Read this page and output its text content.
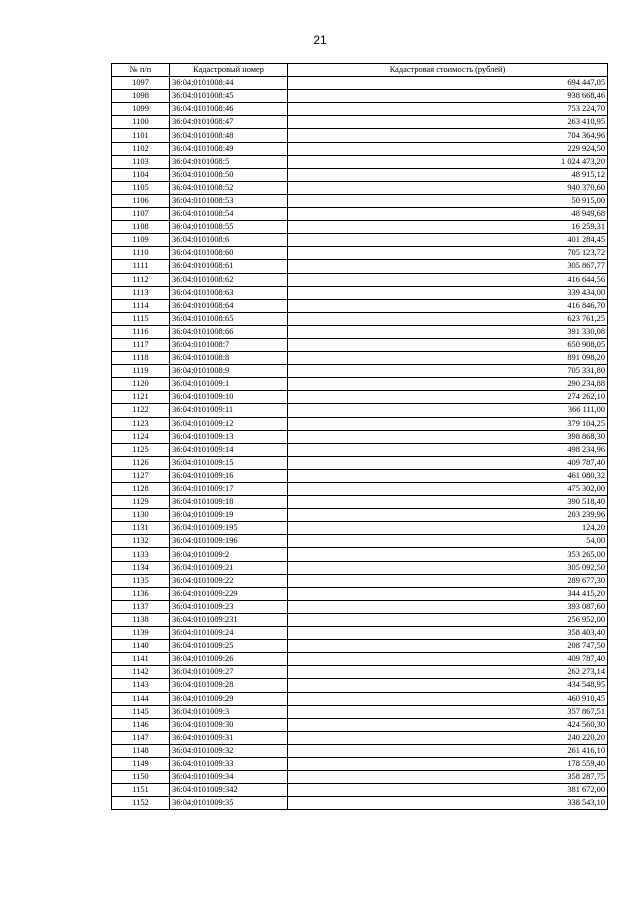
21
№ п/п	Кадастровый номер	Кадастровая стоимость (рублей)
1097	36:04:0101008:44	694 447,05
1098	36:04:0101008:45	938 668,46
1099	36:04:0101008:46	753 224,70
1100	36:04:0101008:47	263 410,95
1101	36:04:0101008:48	704 364,96
1102	36:04:0101008:49	229 924,50
1103	36:04:0101008:5	1 024 473,20
1104	36:04:0101008:50	48 915,12
1105	36:04:0101008:52	940 370,60
1106	36:04:0101008:53	50 915,00
1107	36:04:0101008:54	48 949,68
1108	36:04:0101008:55	16 259,31
1109	36:04:0101008:6	401 284,45
1110	36:04:0101008:60	705 123,72
1111	36:04:0101008:61	305 867,77
1112	36:04:0101008:62	416 644,56
1113	36:04:0101008:63	339 434,00
1114	36:04:0101008:64	416 846,70
1115	36:04:0101008:65	623 761,25
1116	36:04:0101008:66	391 330,08
1117	36:04:0101008:7	650 908,05
1118	36:04:0101008:8	891 098,20
1119	36:04:0101008:9	705 331,80
1120	36:04:0101009:1	290 234,88
1121	36:04:0101009:10	274 262,10
1122	36:04:0101009:11	366 111,00
1123	36:04:0101009:12	379 104,25
1124	36:04:0101009:13	398 868,30
1125	36:04:0101009:14	498 234,96
1126	36:04:0101009:15	409 787,40
1127	36:04:0101009:16	461 080,32
1128	36:04:0101009:17	475 302,00
1129	36:04:0101009:18	390 518,40
1130	36:04:0101009:19	203 239,96
1131	36:04:0101009:195	124,20
1132	36:04:0101009:196	54,00
1133	36:04:0101009:2	353 265,00
1134	36:04:0101009:21	305 092,50
1135	36:04:0101009:22	289 677,30
1136	36:04:0101009:229	344 415,20
1137	36:04:0101009:23	393 087,60
1138	36:04:0101009:231	256 952,00
1139	36:04:0101009:24	358 403,40
1140	36:04:0101009:25	208 747,50
1141	36:04:0101009:26	409 787,40
1142	36:04:0101009:27	262 273,14
1143	36:04:0101009:28	434 548,95
1144	36:04:0101009:29	460 910,45
1145	36:04:0101009:3	357 867,51
1146	36:04:0101009:30	424 560,30
1147	36:04:0101009:31	240 220,20
1148	36:04:0101009:32	261 416,10
1149	36:04:0101009:33	178 559,40
1150	36:04:0101009:34	358 287,75
1151	36:04:0101009:342	381 672,00
1152	36:04:0101009:35	338 543,10
